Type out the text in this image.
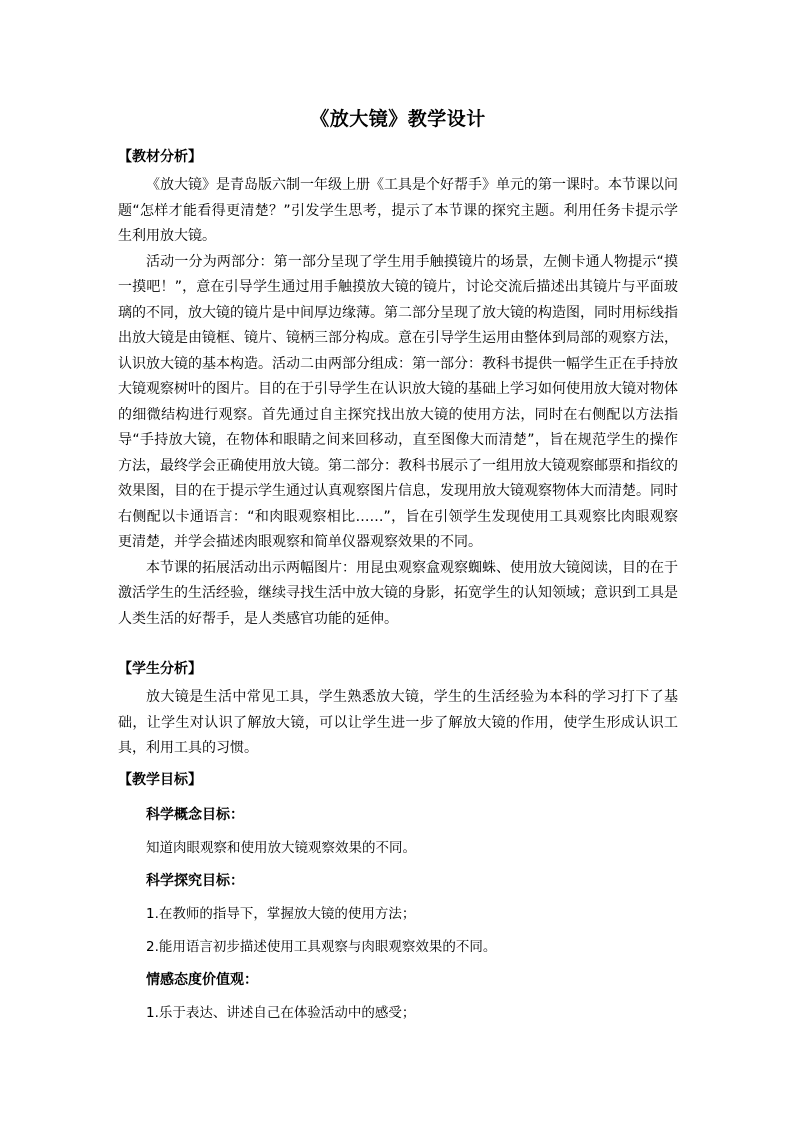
《放大镜》教学设计

【教材分析】

《放大镜》是青岛版六制一年级上册《工具是个好帮手》单元的第一课时。本节课以问题“怎样才能看得更清楚？”引发学生思考，提示了本节课的探究主题。利用任务卡提示学生利用放大镜。

活动一分为两部分：第一部分呈现了学生用手触摸镜片的场景，左侧卡通人物提示“摸一摸吧！”，意在引导学生通过用手触摸放大镜的镜片，讨论交流后描述出其镜片与平面玻璃的不同，放大镜的镜片是中间厚边缘薄。第二部分呈现了放大镜的构造图，同时用标线指出放大镜是由镜框、镜片、镜柄三部分构成。意在引导学生运用由整体到局部的观察方法，认识放大镜的基本构造。活动二由两部分组成：第一部分：教科书提供一幅学生正在手持放大镜观察树叶的图片。目的在于引导学生在认识放大镜的基础上学习如何使用放大镜对物体的细微结构进行观察。首先通过自主探究找出放大镜的使用方法，同时在右侧配以方法指导“手持放大镜，在物体和眼睛之间来回移动，直至图像大而清楚”，旨在规范学生的操作方法，最终学会正确使用放大镜。第二部分：教科书展示了一组用放大镜观察邮票和指纹的效果图，目的在于提示学生通过认真观察图片信息，发现用放大镜观察物体大而清楚。同时右侧配以卡通语言：“和肉眼观察相比……”，旨在引领学生发现使用工具观察比肉眼观察更清楚，并学会描述肉眼观察和简单仪器观察效果的不同。

本节课的拓展活动出示两幅图片：用昆虫观察盒观察蜘蛛、使用放大镜阅读，目的在于激活学生的生活经验，继续寻找生活中放大镜的身影，拓宽学生的认知领域；意识到工具是人类生活的好帮手，是人类感官功能的延伸。

【学生分析】

放大镜是生活中常见工具，学生熟悉放大镜，学生的生活经验为本科的学习打下了基础，让学生对认识了解放大镜，可以让学生进一步了解放大镜的作用，使学生形成认识工具，利用工具的习惯。

【教学目标】

科学概念目标：

知道肉眼观察和使用放大镜观察效果的不同。

科学探究目标：

1.在教师的指导下，掌握放大镜的使用方法；

2.能用语言初步描述使用工具观察与肉眼观察效果的不同。

情感态度价值观：

1.乐于表达、讲述自己在体验活动中的感受；
